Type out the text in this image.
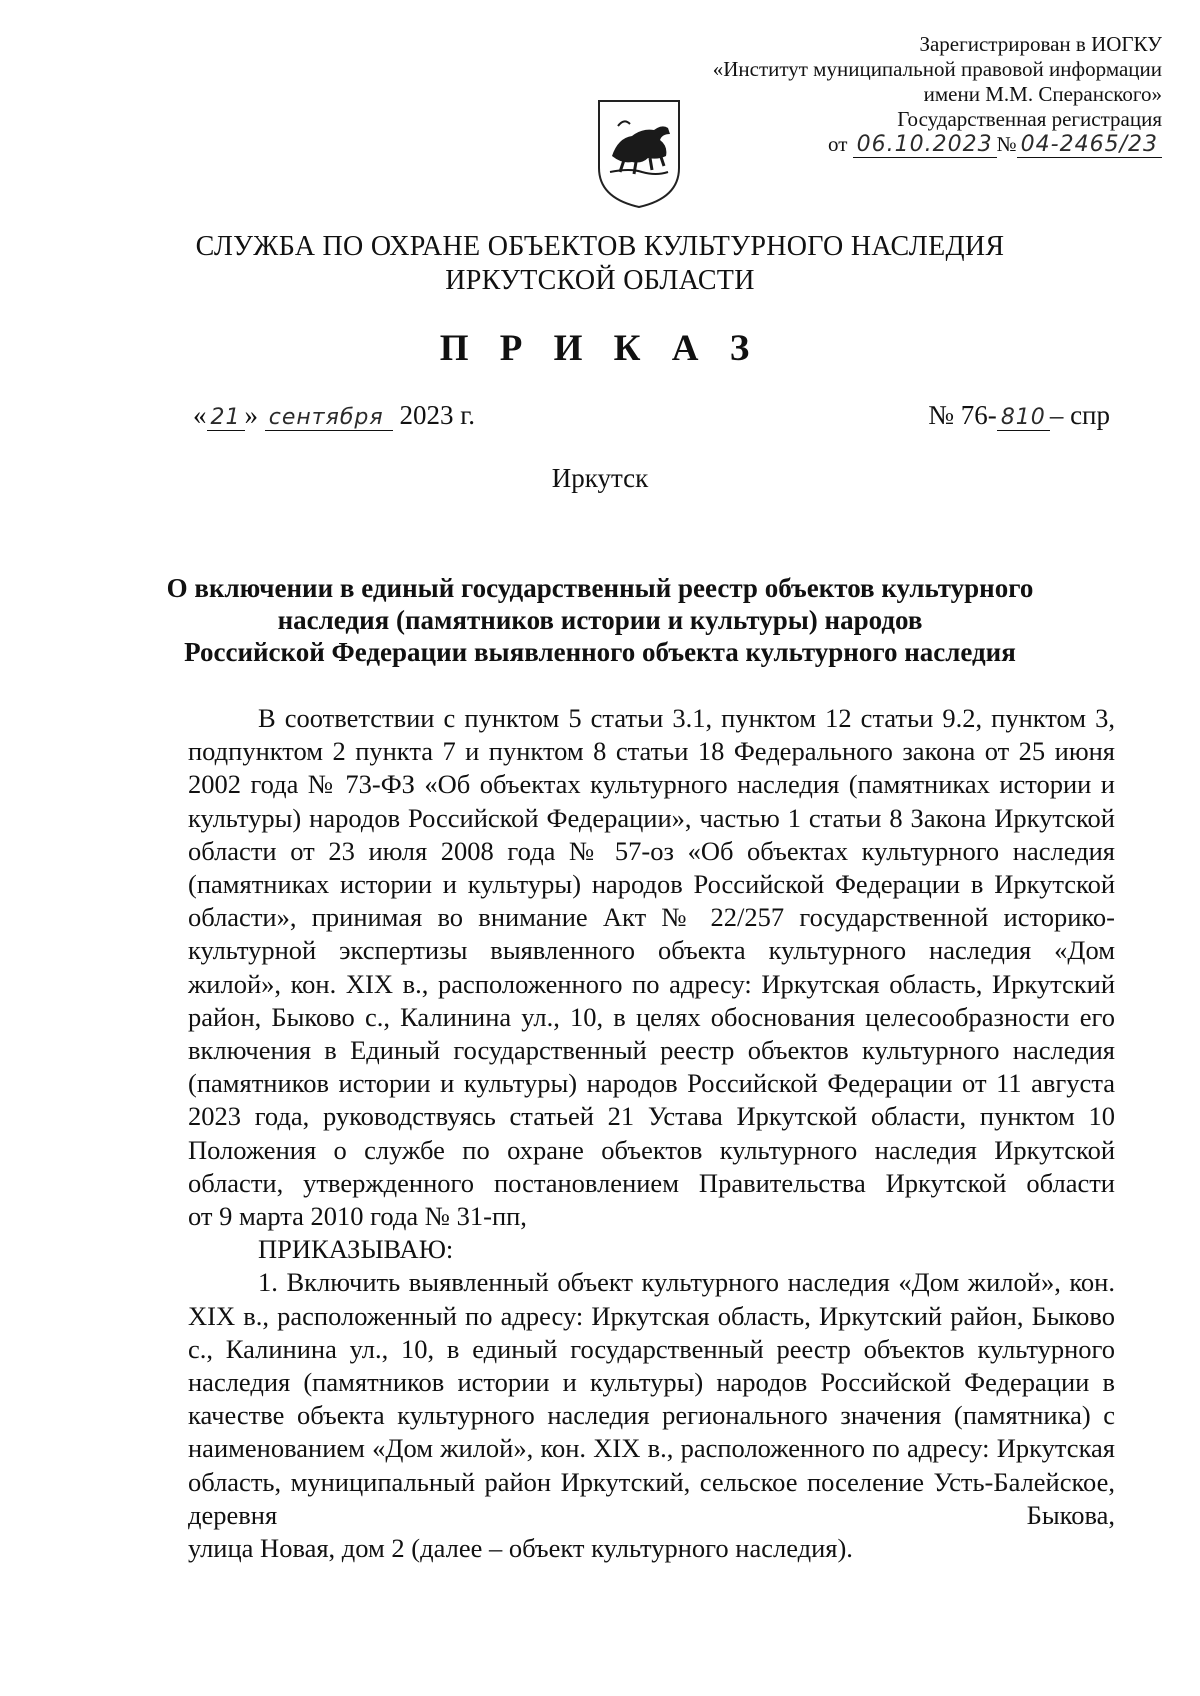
Зарегистрирован в ИОГКУ
«Институт муниципальной правовой информации
имени М.М. Сперанского»
Государственная регистрация
от 06.10.2023 № 04-2465/23
СЛУЖБА ПО ОХРАНЕ ОБЪЕКТОВ КУЛЬТУРНОГО НАСЛЕДИЯ
ИРКУТСКОЙ ОБЛАСТИ
П Р И К А З
« 21 » сентября 2023 г.	№ 76- 810 – спр
Иркутск
О включении в единый государственный реестр объектов культурного
наследия (памятников истории и культуры) народов
Российской Федерации выявленного объекта культурного наследия

В соответствии с пунктом 5 статьи 3.1, пунктом 12 статьи 9.2, пунктом 3, подпунктом 2 пункта 7 и пунктом 8 статьи 18 Федерального закона от 25 июня 2002 года № 73-ФЗ «Об объектах культурного наследия (памятниках истории и культуры) народов Российской Федерации», частью 1 статьи 8 Закона Иркутской области от 23 июля 2008 года № 57-оз «Об объектах культурного наследия (памятниках истории и культуры) народов Российской Федерации в Иркутской области», принимая во внимание Акт № 22/257 государственной историко-культурной экспертизы выявленного объекта культурного наследия «Дом жилой», кон. XIX в., расположенного по адресу: Иркутская область, Иркутский район, Быково с., Калинина ул., 10, в целях обоснования целесообразности его включения в Единый государственный реестр объектов культурного наследия (памятников истории и культуры) народов Российской Федерации от 11 августа 2023 года, руководствуясь статьей 21 Устава Иркутской области, пунктом 10 Положения о службе по охране объектов культурного наследия Иркутской области, утвержденного постановлением Правительства Иркутской области

от 9 марта 2010 года № 31-пп,

ПРИКАЗЫВАЮ:

1. Включить выявленный объект культурного наследия «Дом жилой», кон. XIX в., расположенный по адресу: Иркутская область, Иркутский район, Быково с., Калинина ул., 10, в единый государственный реестр объектов культурного наследия (памятников истории и культуры) народов Российской Федерации в качестве объекта культурного наследия регионального значения (памятника) с наименованием «Дом жилой», кон. XIX в., расположенного по адресу: Иркутская область, муниципальный район Иркутский, сельское поселение Усть-Балейское, деревня Быкова,

улица Новая, дом 2 (далее – объект культурного наследия).
